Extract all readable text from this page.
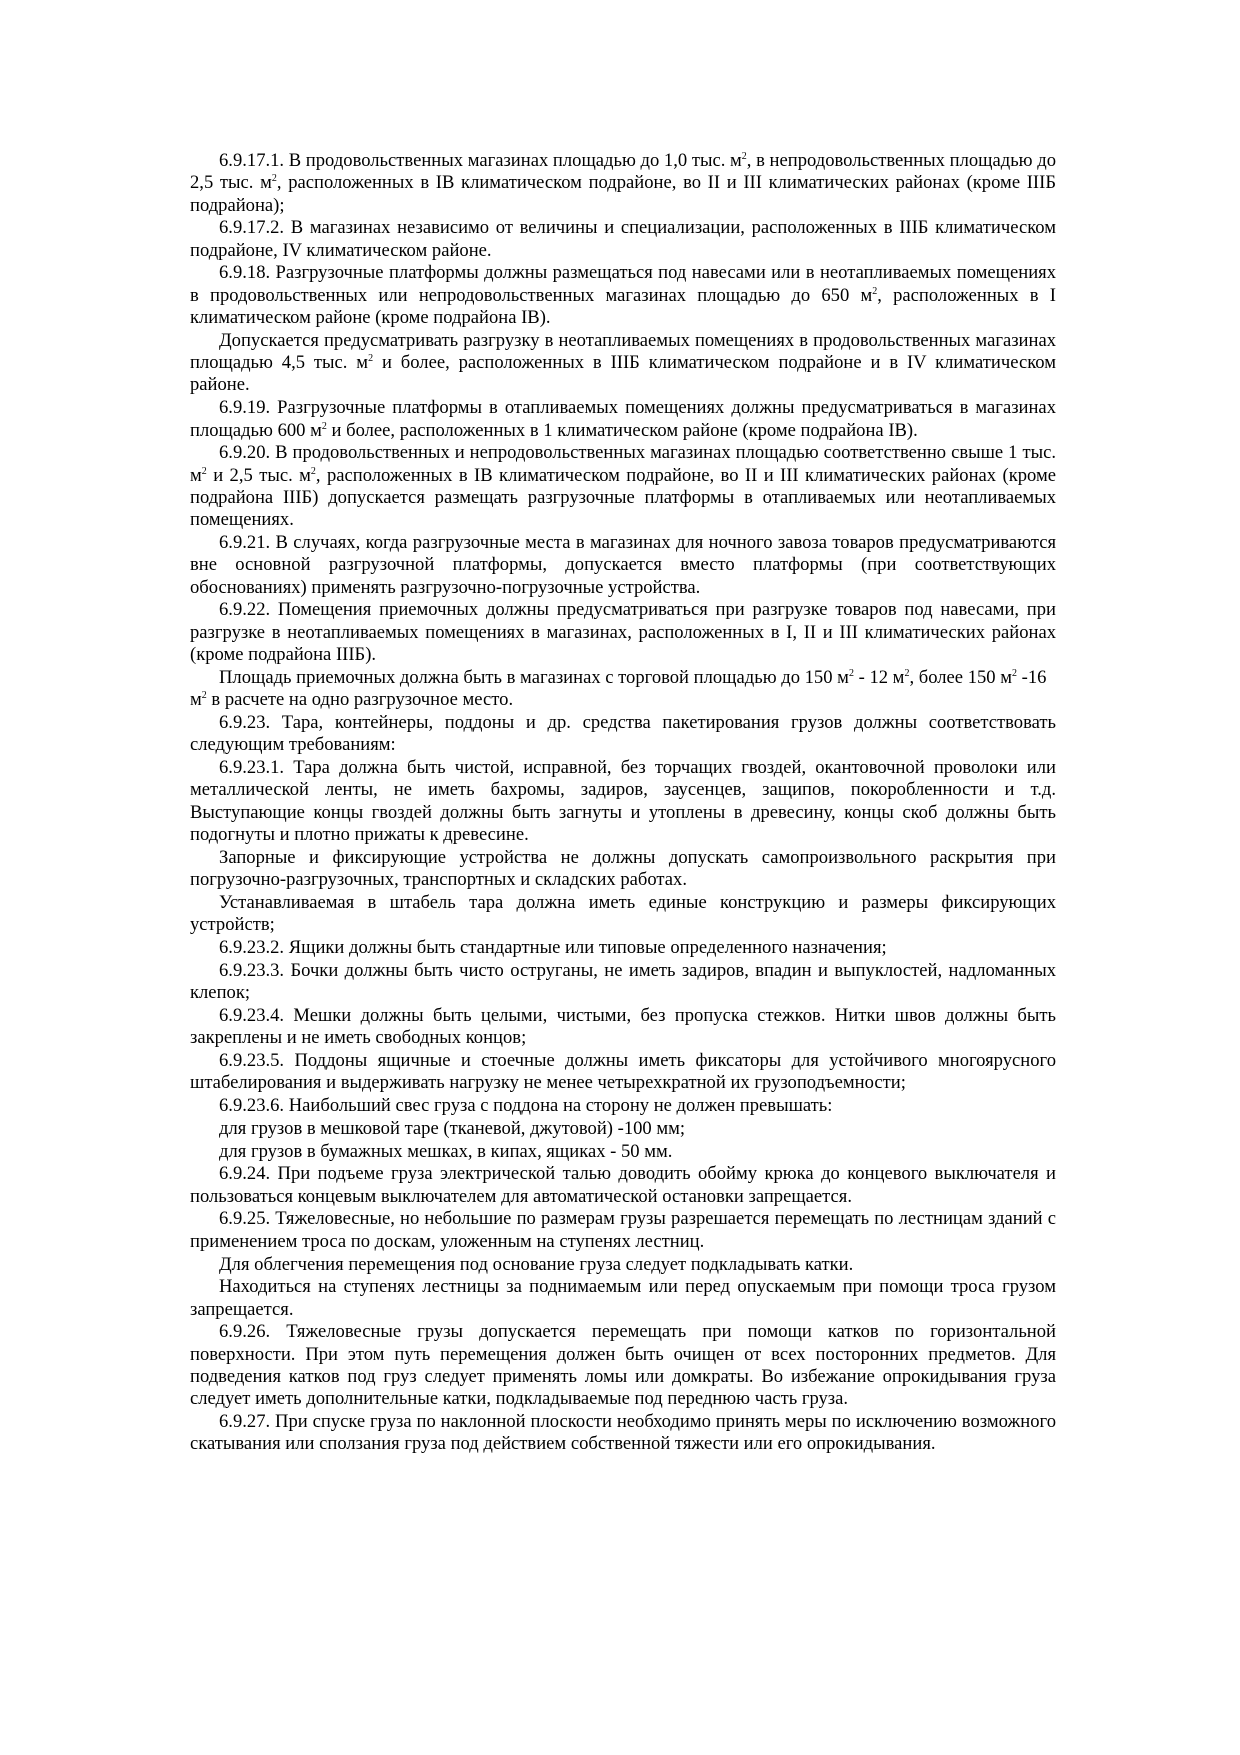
6.9.17.1. В продовольственных магазинах площадью до 1,0 тыс. $м^2$, в непродовольственных площадью до 2,5 тыс. $м^2$, расположенных в IВ климатическом подрайоне, во II и III климатических районах (кроме IIIБ подрайона);

6.9.17.2. В магазинах независимо от величины и специализации, расположенных в IIIБ климатическом подрайоне, IV климатическом районе.

6.9.18. Разгрузочные платформы должны размещаться под навесами или в неотапливаемых помещениях в продовольственных или непродовольственных магазинах площадью до 650 $м^2$, расположенных в I климатическом районе (кроме подрайона IВ).

Допускается предусматривать разгрузку в неотапливаемых помещениях в продовольственных магазинах площадью 4,5 тыс. $м^2$ и более, расположенных в IIIБ климатическом подрайоне и в IV климатическом районе.

6.9.19. Разгрузочные платформы в отапливаемых помещениях должны предусматриваться в магазинах площадью 600 $м^2$ и более, расположенных в 1 климатическом районе (кроме подрайона IВ).

6.9.20. В продовольственных и непродовольственных магазинах площадью соответственно свыше 1 тыс. $м^2$ и 2,5 тыс. $м^2$, расположенных в IВ климатическом подрайоне, во II и III климатических районах (кроме подрайона IIIБ) допускается размещать разгрузочные платформы в отапливаемых или неотапливаемых помещениях.

6.9.21. В случаях, когда разгрузочные места в магазинах для ночного завоза товаров предусматриваются вне основной разгрузочной платформы, допускается вместо платформы (при соответствующих обоснованиях) применять разгрузочно-погрузочные устройства.

6.9.22. Помещения приемочных должны предусматриваться при разгрузке товаров под навесами, при разгрузке в неотапливаемых помещениях в магазинах, расположенных в I, II и III климатических районах (кроме подрайона IIIБ).

Площадь приемочных должна быть в магазинах с торговой площадью до 150 $м^2 - 12$ $м^2$, более 150 $м^2$ -16 $м^2$ в расчете на одно разгрузочное место.

6.9.23. Тара, контейнеры, поддоны и др. средства пакетирования грузов должны соответствовать следующим требованиям:

6.9.23.1. Тара должна быть чистой, исправной, без торчащих гвоздей, окантовочной проволоки или металлической ленты, не иметь бахромы, задиров, заусенцев, защипов, покоробленности и т.д. Выступающие концы гвоздей должны быть загнуты и утоплены в древесину, концы скоб должны быть подогнуты и плотно прижаты к древесине.

Запорные и фиксирующие устройства не должны допускать самопроизвольного раскрытия при погрузочно-разгрузочных, транспортных и складских работах.

Устанавливаемая в штабель тара должна иметь единые конструкцию и размеры фиксирующих устройств;

6.9.23.2. Ящики должны быть стандартные или типовые определенного назначения;

6.9.23.3. Бочки должны быть чисто оструганы, не иметь задиров, впадин и выпуклостей, надломанных клепок;

6.9.23.4. Мешки должны быть целыми, чистыми, без пропуска стежков. Нитки швов должны быть закреплены и не иметь свободных концов;

6.9.23.5. Поддоны ящичные и стоечные должны иметь фиксаторы для устойчивого многоярусного штабелирования и выдерживать нагрузку не менее четырехкратной их грузоподъемности;

6.9.23.6. Наибольший свес груза с поддона на сторону не должен превышать:

для грузов в мешковой таре (тканевой, джутовой) -100 мм;

для грузов в бумажных мешках, в кипах, ящиках - 50 мм.

6.9.24. При подъеме груза электрической талью доводить обойму крюка до концевого выключателя и пользоваться концевым выключателем для автоматической остановки запрещается.

6.9.25. Тяжеловесные, но небольшие по размерам грузы разрешается перемещать по лестницам зданий с применением троса по доскам, уложенным на ступенях лестниц.

Для облегчения перемещения под основание груза следует подкладывать катки.

Находиться на ступенях лестницы за поднимаемым или перед опускаемым при помощи троса грузом запрещается.

6.9.26. Тяжеловесные грузы допускается перемещать при помощи катков по горизонтальной поверхности. При этом путь перемещения должен быть очищен от всех посторонних предметов. Для подведения катков под груз следует применять ломы или домкраты. Во избежание опрокидывания груза следует иметь дополнительные катки, подкладываемые под переднюю часть груза.

6.9.27. При спуске груза по наклонной плоскости необходимо принять меры по исключению возможного скатывания или сползания груза под действием собственной тяжести или его опрокидывания.
